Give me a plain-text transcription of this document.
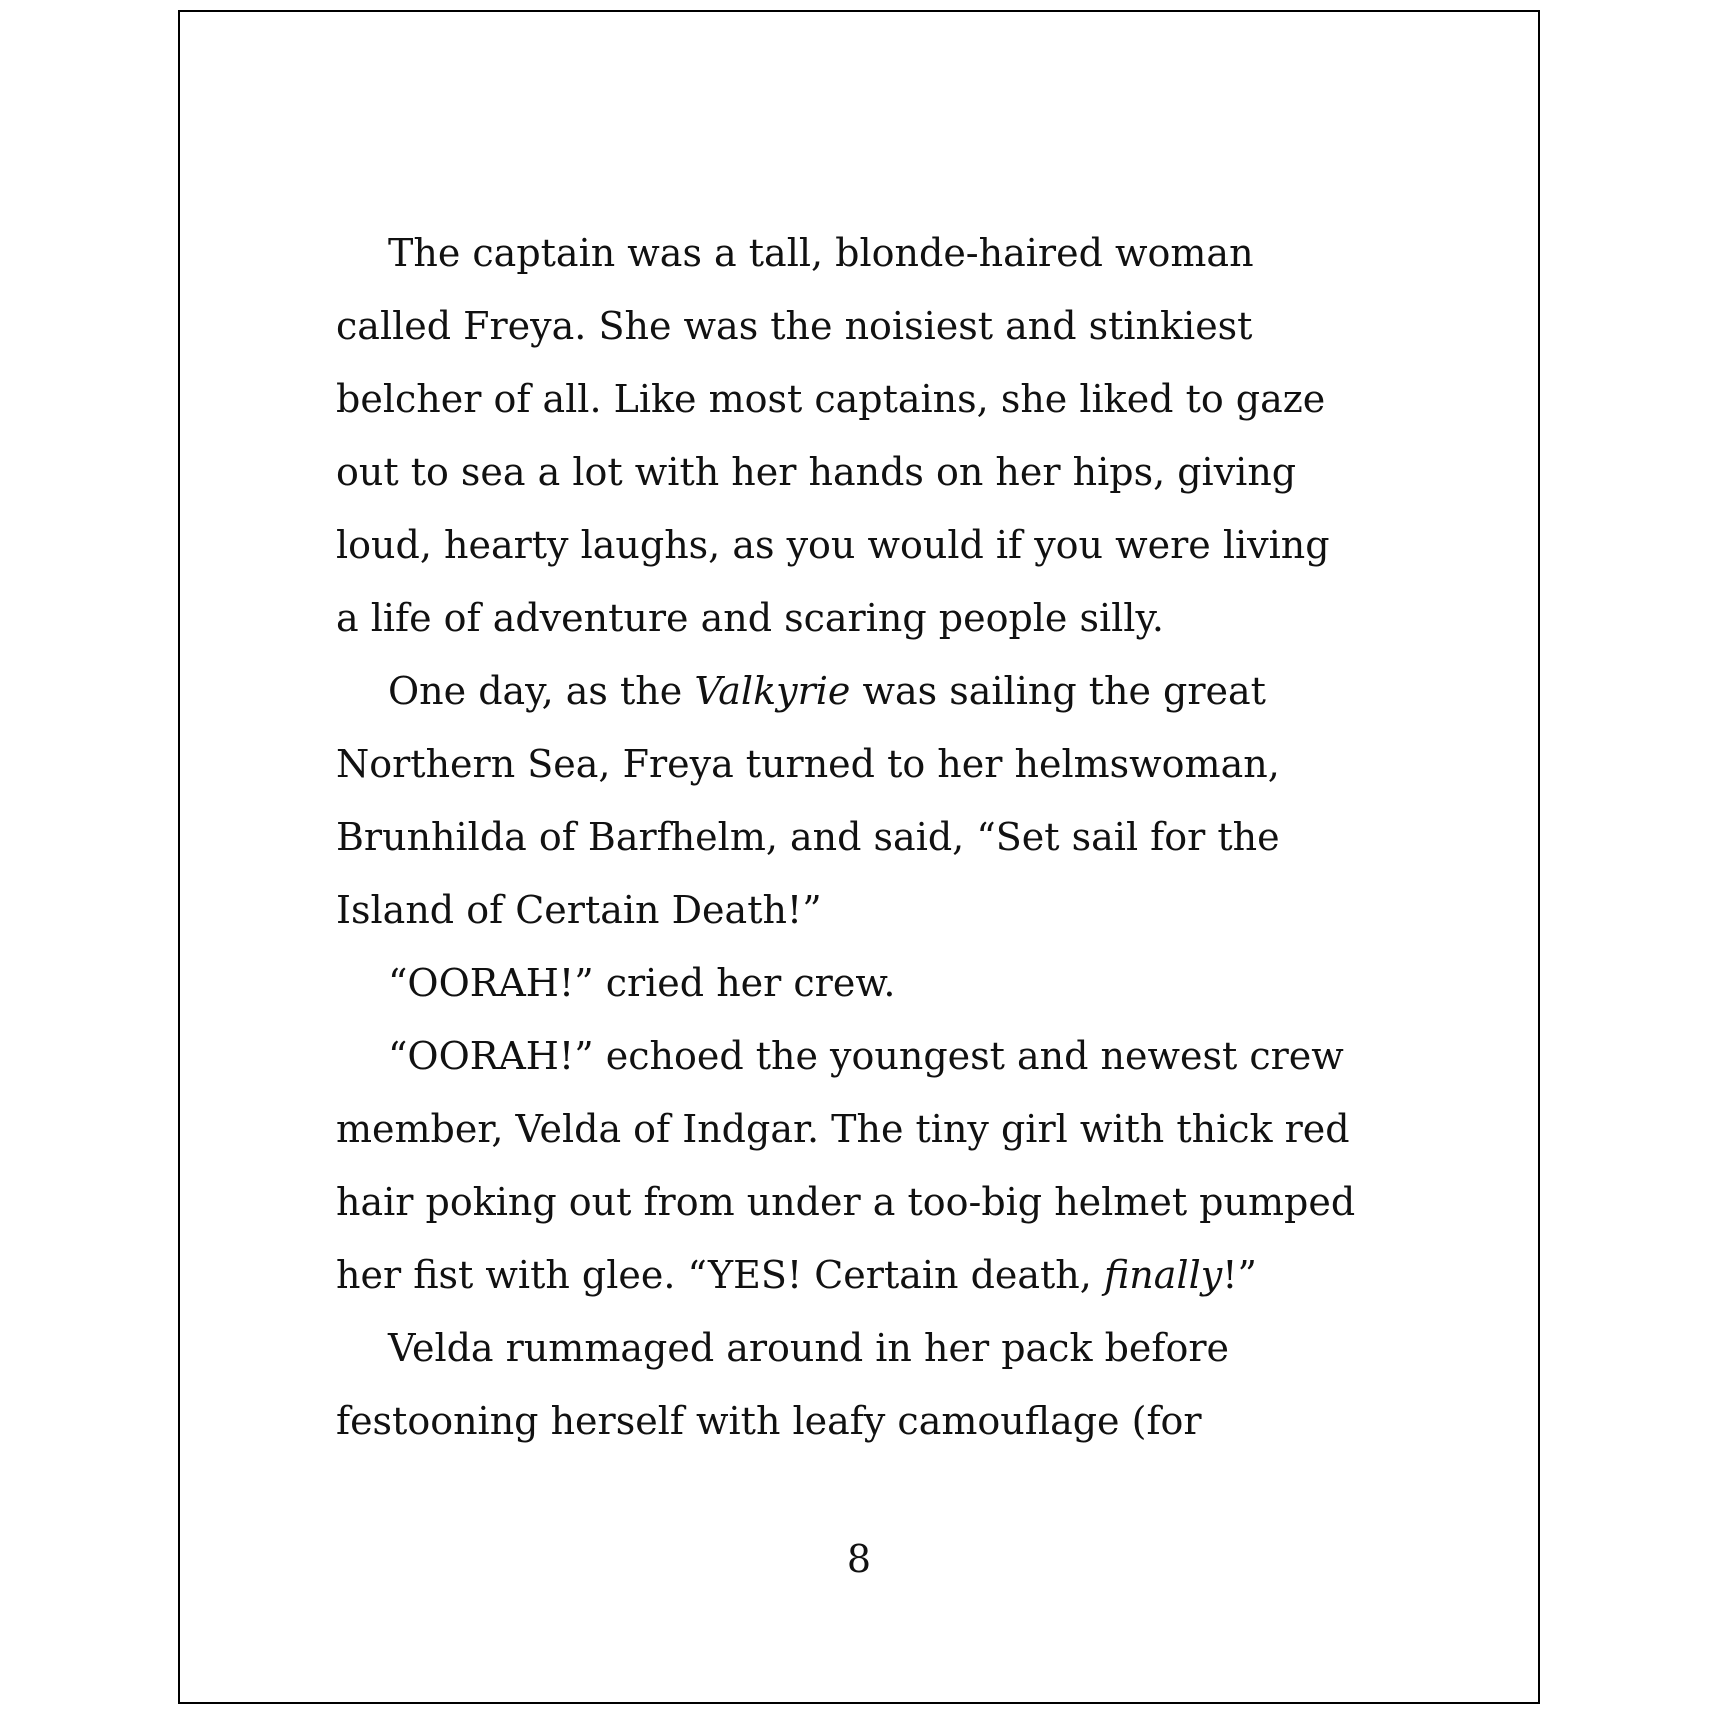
The captain was a tall, blonde-haired woman
called Freya. She was the noisiest and stinkiest
belcher of all. Like most captains, she liked to gaze
out to sea a lot with her hands on her hips, giving
loud, hearty laughs, as you would if you were living
a life of adventure and scaring people silly.
One day, as the Valkyrie was sailing the great
Northern Sea, Freya turned to her helmswoman,
Brunhilda of Barfhelm, and said, “Set sail for the
Island of Certain Death!”
“OORAH!” cried her crew.
“OORAH!” echoed the youngest and newest crew
member, Velda of Indgar. The tiny girl with thick red
hair poking out from under a too-big helmet pumped
her fist with glee. “YES! Certain death, finally!”
Velda rummaged around in her pack before
festooning herself with leafy camouflage (for
8
